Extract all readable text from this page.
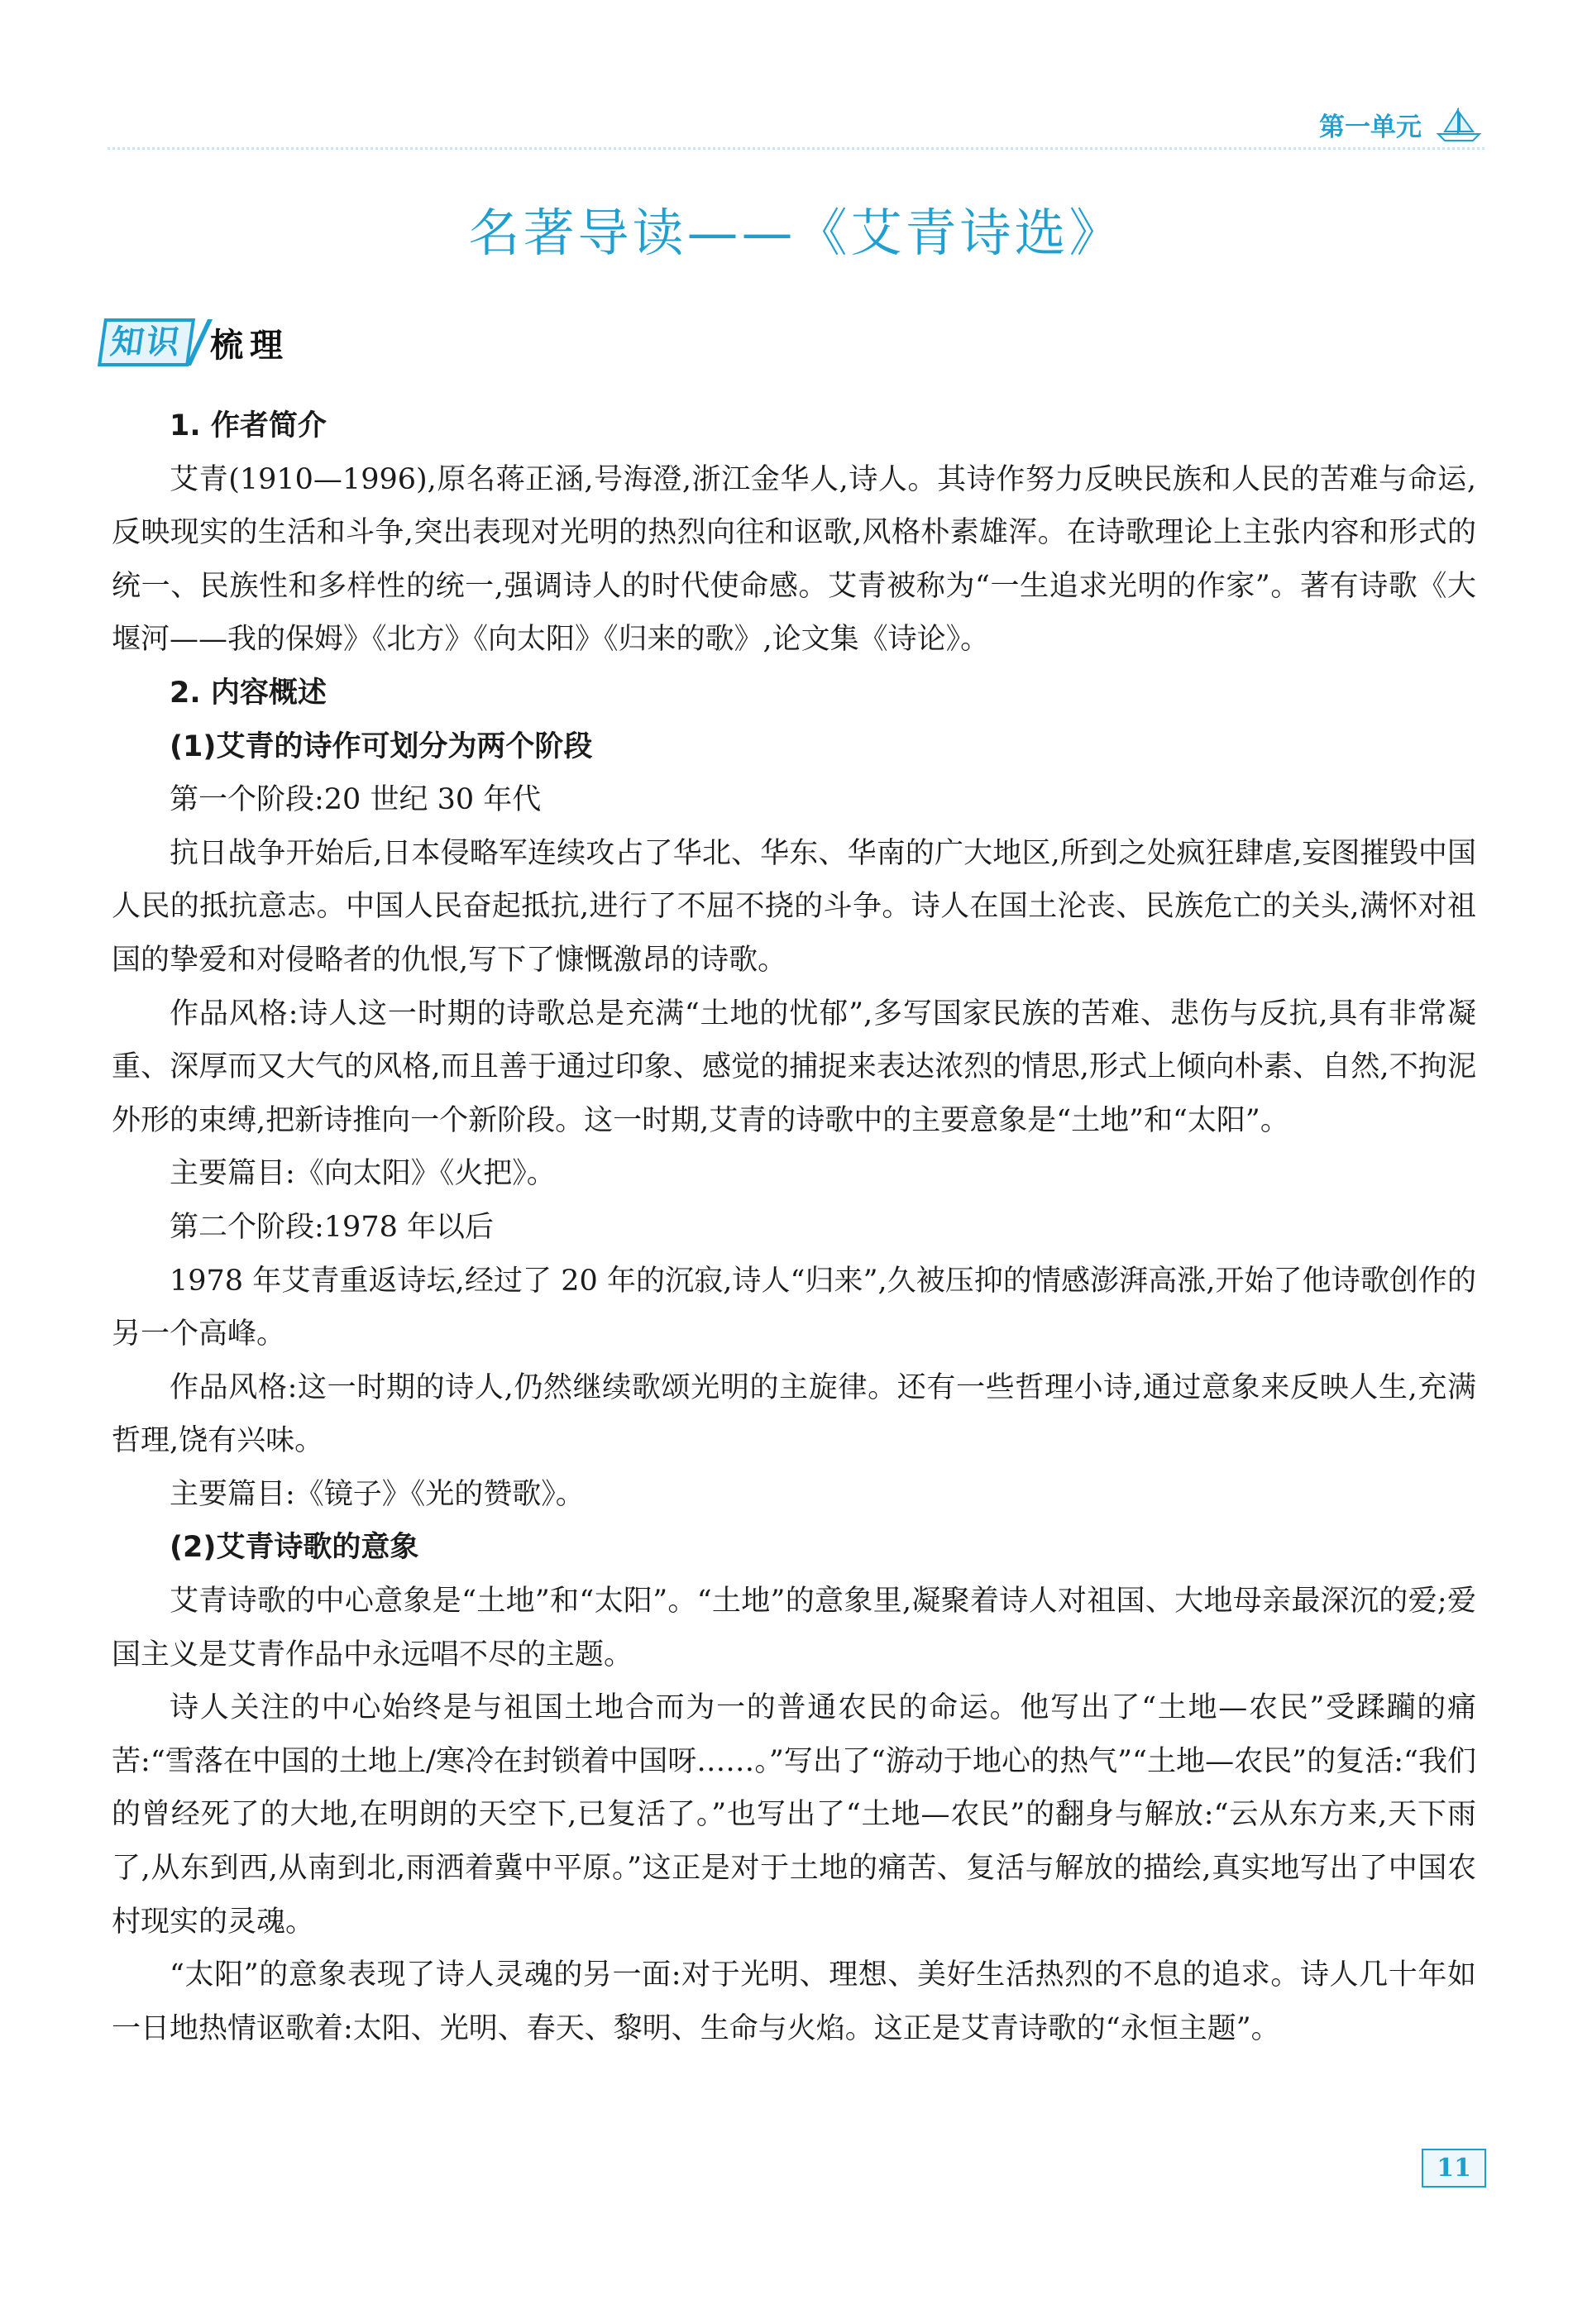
第一单元
名著导读——《艾青诗选》
知识 梳理

1. 作者简介

艾青(1910—1996),原名蒋正涵,号海澄,浙江金华人,诗人。其诗作努力反映民族和人民的苦难与命运,反映现实的生活和斗争,突出表现对光明的热烈向往和讴歌,风格朴素雄浑。在诗歌理论上主张内容和形式的统一、民族性和多样性的统一,强调诗人的时代使命感。艾青被称为“一生追求光明的作家”。著有诗歌《大堰河——我的保姆》《北方》《向太阳》《归来的歌》,论文集《诗论》。

2. 内容概述

(1)艾青的诗作可划分为两个阶段

第一个阶段:20 世纪 30 年代

抗日战争开始后,日本侵略军连续攻占了华北、华东、华南的广大地区,所到之处疯狂肆虐,妄图摧毁中国人民的抵抗意志。中国人民奋起抵抗,进行了不屈不挠的斗争。诗人在国土沦丧、民族危亡的关头,满怀对祖国的挚爱和对侵略者的仇恨,写下了慷慨激昂的诗歌。

作品风格:诗人这一时期的诗歌总是充满“土地的忧郁”,多写国家民族的苦难、悲伤与反抗,具有非常凝重、深厚而又大气的风格,而且善于通过印象、感觉的捕捉来表达浓烈的情思,形式上倾向朴素、自然,不拘泥外形的束缚,把新诗推向一个新阶段。这一时期,艾青的诗歌中的主要意象是“土地”和“太阳”。

主要篇目:《向太阳》《火把》。

第二个阶段:1978 年以后

1978 年艾青重返诗坛,经过了 20 年的沉寂,诗人“归来”,久被压抑的情感澎湃高涨,开始了他诗歌创作的另一个高峰。

作品风格:这一时期的诗人,仍然继续歌颂光明的主旋律。还有一些哲理小诗,通过意象来反映人生,充满哲理,饶有兴味。

主要篇目:《镜子》《光的赞歌》。

(2)艾青诗歌的意象

艾青诗歌的中心意象是“土地”和“太阳”。“土地”的意象里,凝聚着诗人对祖国、大地母亲最深沉的爱;爱国主义是艾青作品中永远唱不尽的主题。

诗人关注的中心始终是与祖国土地合而为一的普通农民的命运。他写出了“土地—农民”受蹂躏的痛苦:“雪落在中国的土地上/寒冷在封锁着中国呀……。”写出了“游动于地心的热气”“土地—农民”的复活:“我们的曾经死了的大地,在明朗的天空下,已复活了。”也写出了“土地—农民”的翻身与解放:“云从东方来,天下雨了,从东到西,从南到北,雨洒着冀中平原。”这正是对于土地的痛苦、复活与解放的描绘,真实地写出了中国农村现实的灵魂。

“太阳”的意象表现了诗人灵魂的另一面:对于光明、理想、美好生活热烈的不息的追求。诗人几十年如一日地热情讴歌着:太阳、光明、春天、黎明、生命与火焰。这正是艾青诗歌的“永恒主题”。

11
